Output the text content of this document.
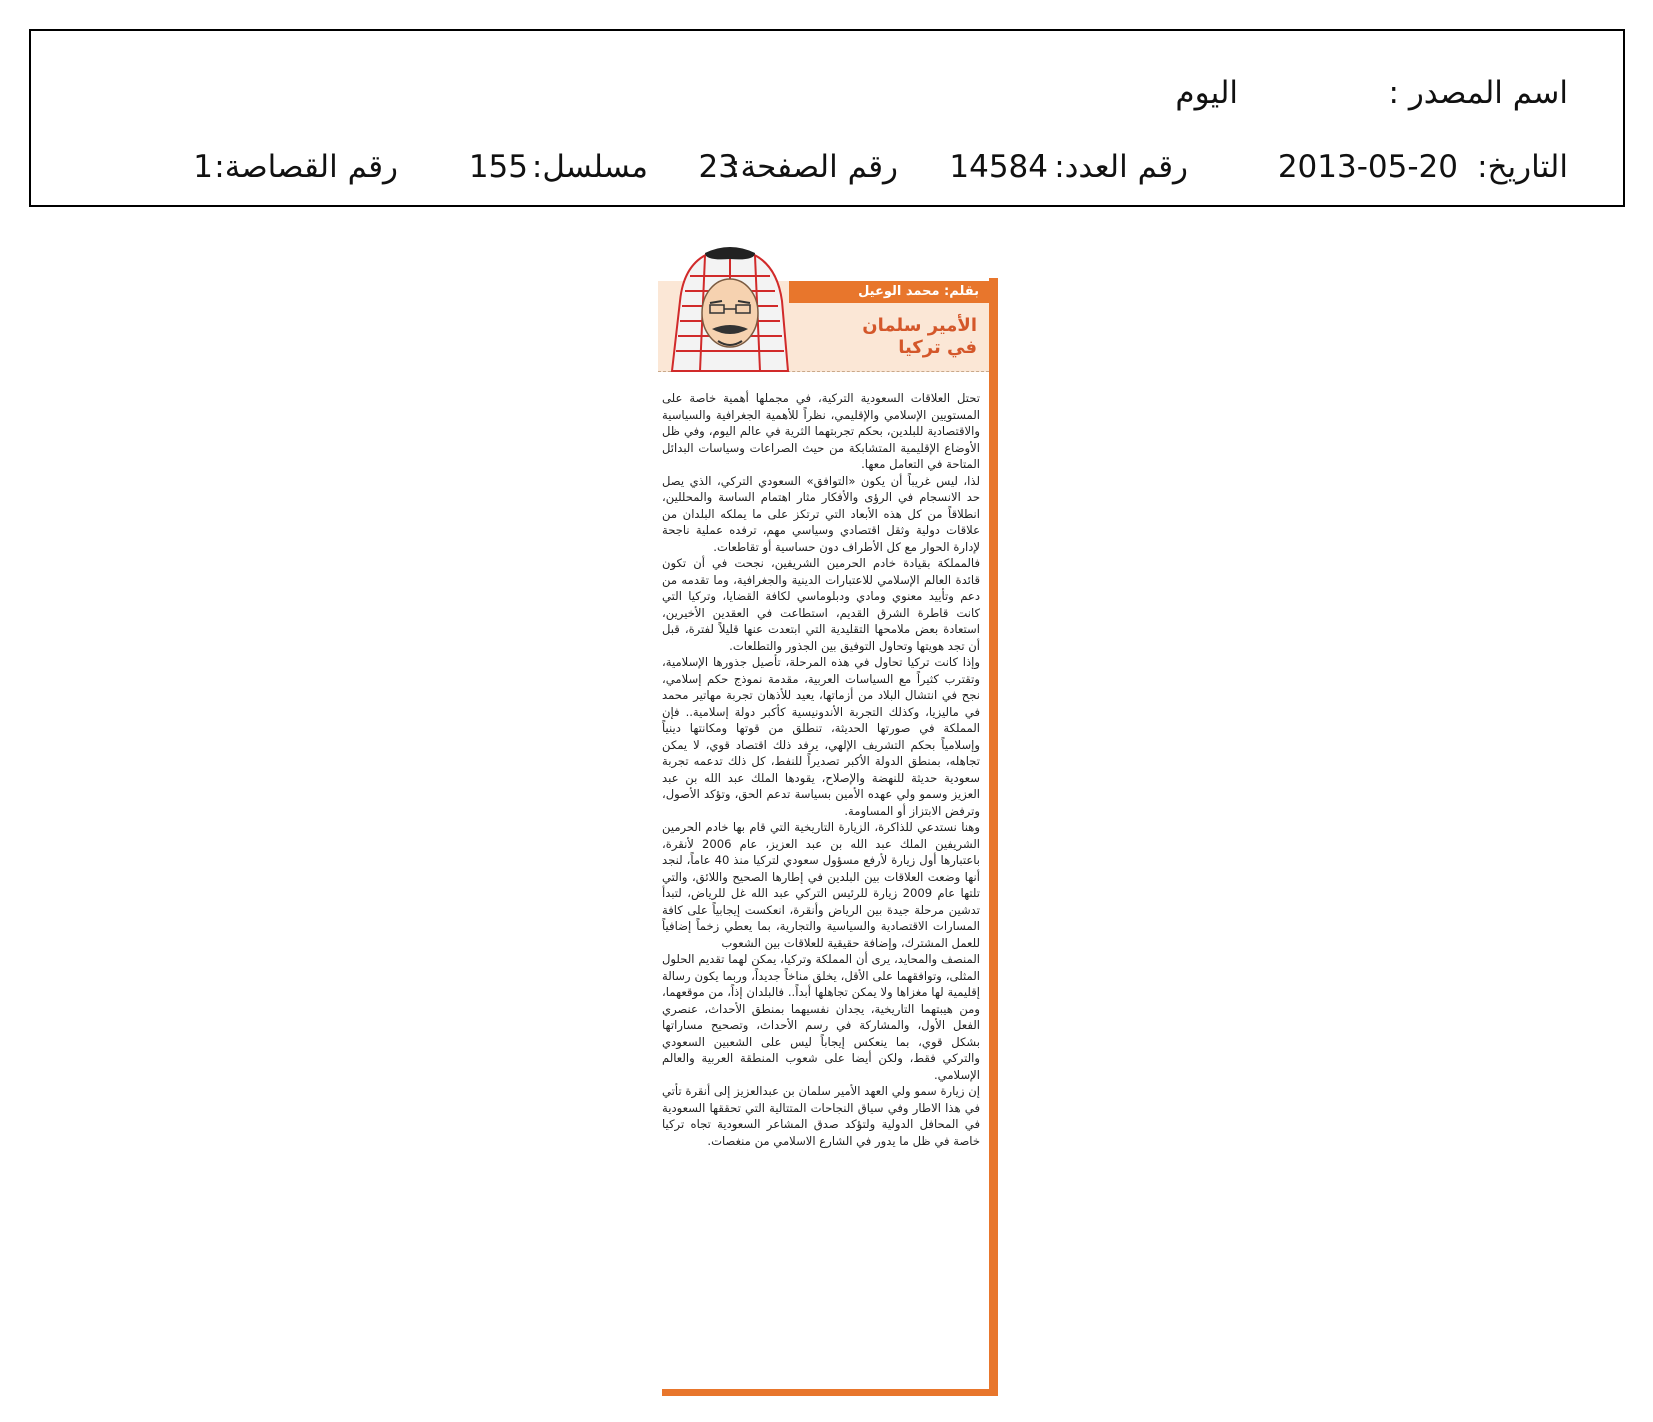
اسم المصدر :
اليوم
التاريخ:
2013-05-20
رقم العدد:
14584
رقم الصفحة:
23
مسلسل:
155
رقم القصاصة:
1
بقلم: محمد الوعيل
الأمير سلمان
في تركيا

تحتل العلاقات السعودية التركية، في مجملها أهمية خاصة على المستويين الإسلامي والإقليمي، نظراً للأهمية الجغرافية والسياسية والاقتصادية للبلدين، بحكم تجربتهما الثرية في عالم اليوم، وفي ظل الأوضاع الإقليمية المتشابكة من حيث الصراعات وسياسات البدائل المتاحة في التعامل معها.

لذا، ليس غريباً أن يكون «التوافق» السعودي التركي، الذي يصل حد الانسجام في الرؤى والأفكار مثار اهتمام الساسة والمحللين، انطلاقاً من كل هذه الأبعاد التي ترتكز على ما يملكه البلدان من علاقات دولية وثقل اقتصادي وسياسي مهم، ترفده عملية ناجحة لإدارة الحوار مع كل الأطراف دون حساسية أو تقاطعات.

فالمملكة بقيادة خادم الحرمين الشريفين، نجحت في أن تكون قائدة العالم الإسلامي للاعتبارات الدينية والجغرافية، وما تقدمه من دعم وتأييد معنوي ومادي ودبلوماسي لكافة القضايا، وتركيا التي كانت قاطرة الشرق القديم، استطاعت في العقدين الأخيرين، استعادة بعض ملامحها التقليدية التي ابتعدت عنها قليلاً لفترة، قبل أن تجد هويتها وتحاول التوفيق بين الجذور والتطلعات.

وإذا كانت تركيا تحاول في هذه المرحلة، تأصيل جذورها الإسلامية، وتقترب كثيراً مع السياسات العربية، مقدمة نموذج حكم إسلامي، نجح في انتشال البلاد من أزماتها، يعيد للأذهان تجربة مهاتير محمد في ماليزيا، وكذلك التجربة الأندونيسية كأكبر دولة إسلامية.. فإن المملكة في صورتها الحديثة، تنطلق من قوتها ومكانتها دينياً وإسلامياً بحكم التشريف الإلهي، يرفد ذلك اقتصاد قوي، لا يمكن تجاهله، بمنطق الدولة الأكبر تصديراً للنفط، كل ذلك تدعمه تجربة سعودية حديثة للنهضة والإصلاح، يقودها الملك عبد الله بن عبد العزيز وسمو ولي عهده الأمين بسياسة تدعم الحق، وتؤكد الأصول، وترفض الابتزاز أو المساومة.

وهنا نستدعي للذاكرة، الزيارة التاريخية التي قام بها خادم الحرمين الشريفين الملك عبد الله بن عبد العزيز، عام 2006 لأنقرة، باعتبارها أول زيارة لأرفع مسؤول سعودي لتركيا منذ 40 عاماً، لنجد أنها وضعت العلاقات بين البلدين في إطارها الصحيح واللائق، والتي تلتها عام 2009 زيارة للرئيس التركي عبد الله غل للرياض، لتبدأ تدشين مرحلة جيدة بين الرياض وأنقرة، انعكست إيجابياً على كافة المسارات الاقتصادية والسياسية والتجارية، بما يعطي زخماً إضافياً للعمل المشترك، وإضافة حقيقية للعلاقات بين الشعوب

المنصف والمحايد، يرى أن المملكة وتركيا، يمكن لهما تقديم الحلول المثلى، وتوافقهما على الأقل، يخلق مناخاً جديداً، وربما يكون رسالة إقليمية لها مغزاها ولا يمكن تجاهلها أبداً.. فالبلدان إذاً، من موقعهما، ومن هيبتهما التاريخية، يجدان نفسيهما بمنطق الأحداث، عنصري الفعل الأول، والمشاركة في رسم الأحداث، وتصحيح مساراتها بشكل قوي، بما ينعكس إيجاباً ليس على الشعبين السعودي والتركي فقط، ولكن أيضا على شعوب المنطقة العربية والعالم الإسلامي.

إن زيارة سمو ولي العهد الأمير سلمان بن عبدالعزيز إلى أنقرة تأتي في هذا الاطار وفي سياق النجاحات المتتالية التي تحققها السعودية في المحافل الدولية ولتؤكد صدق المشاعر السعودية تجاه تركيا خاصة في ظل ما يدور في الشارع الاسلامي من منغصات.
